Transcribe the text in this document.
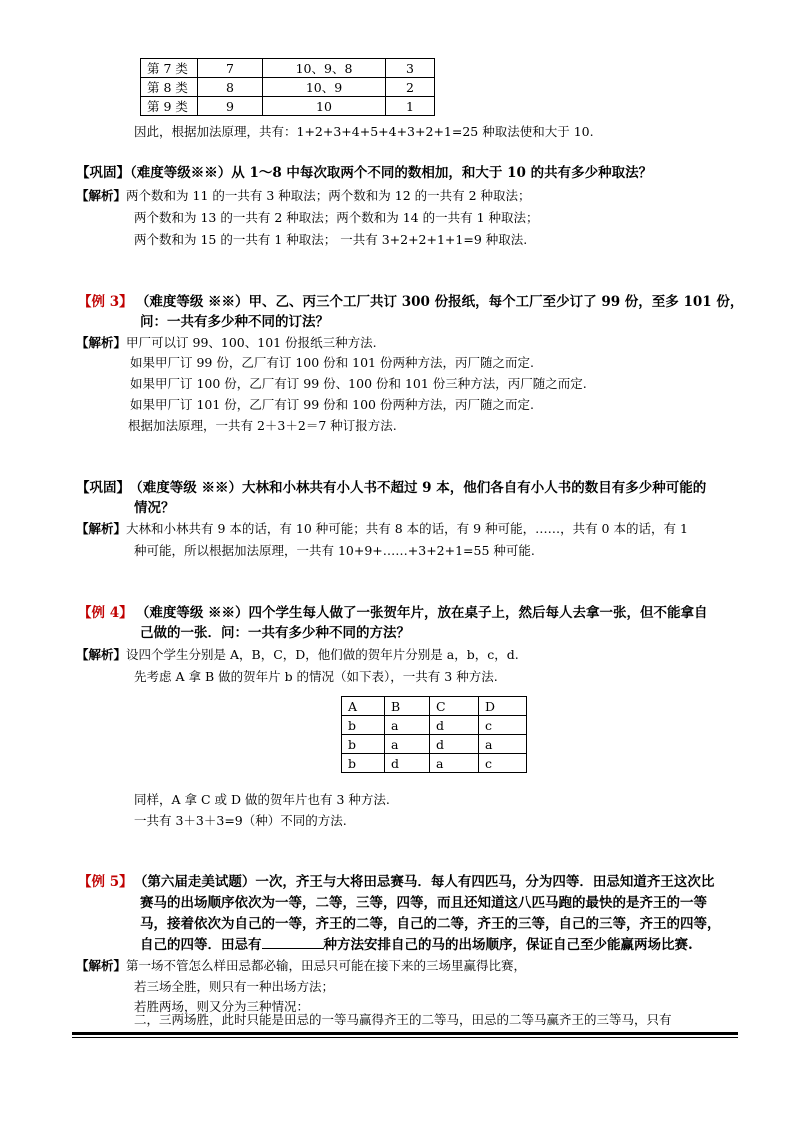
第 7 类	7	10、9、8	3
第 8 类	8	10、9	2
第 9 类	9	10	1
因此，根据加法原理，共有：1+2+3+4+5+4+3+2+1=25 种取法使和大于 10.
【巩固】（难度等级※※）从 1～8 中每次取两个不同的数相加，和大于 10 的共有多少种取法？
【解析】两个数和为 11 的一共有 3 种取法；两个数和为 12 的一共有 2 种取法；
两个数和为 13 的一共有 2 种取法；两个数和为 14 的一共有 1 种取法；
两个数和为 15 的一共有 1 种取法； 一共有 3+2+2+1+1=9 种取法.
【例 3】 （难度等级 ※※）甲、乙、丙三个工厂共订 300 份报纸，每个工厂至少订了 99 份，至多 101 份，
问：一共有多少种不同的订法？
【解析】甲厂可以订 99、100、101 份报纸三种方法.
如果甲厂订 99 份，乙厂有订 100 份和 101 份两种方法，丙厂随之而定.
如果甲厂订 100 份，乙厂有订 99 份、100 份和 101 份三种方法，丙厂随之而定.
如果甲厂订 101 份，乙厂有订 99 份和 100 份两种方法，丙厂随之而定.
根据加法原理，一共有 2＋3＋2＝7 种订报方法.
【巩固】 （难度等级 ※※）大林和小林共有小人书不超过 9 本，他们各自有小人书的数目有多少种可能的
情况？
【解析】大林和小林共有 9 本的话，有 10 种可能；共有 8 本的话，有 9 种可能，……，共有 0 本的话，有 1
种可能，所以根据加法原理，一共有 10+9+……+3+2+1=55 种可能.
【例 4】 （难度等级 ※※）四个学生每人做了一张贺年片，放在桌子上，然后每人去拿一张，但不能拿自
己做的一张．问：一共有多少种不同的方法？
【解析】设四个学生分别是 A，B，C，D，他们做的贺年片分别是 a，b，c，d.
先考虑 A 拿 B 做的贺年片 b 的情况（如下表），一共有 3 种方法.
A	B	C	D
b	a	d	c
b	a	d	a
b	d	a	c
同样，A 拿 C 或 D 做的贺年片也有 3 种方法.
一共有 3＋3＋3=9（种）不同的方法.
【例 5】 （第六届走美试题）一次，齐王与大将田忌赛马．每人有四匹马，分为四等．田忌知道齐王这次比
赛马的出场顺序依次为一等，二等，三等，四等，而且还知道这八匹马跑的最快的是齐王的一等
马，接着依次为自己的一等，齐王的二等，自己的二等，齐王的三等，自己的三等，齐王的四等，
自己的四等．田忌有	种方法安排自己的马的出场顺序，保证自己至少能赢两场比赛.
【解析】第一场不管怎么样田忌都必输，田忌只可能在接下来的三场里赢得比赛，
若三场全胜，则只有一种出场方法；
若胜两场，则又分为三种情况：
二，三两场胜，此时只能是田忌的一等马赢得齐王的二等马，田忌的二等马赢齐王的三等马，只有
